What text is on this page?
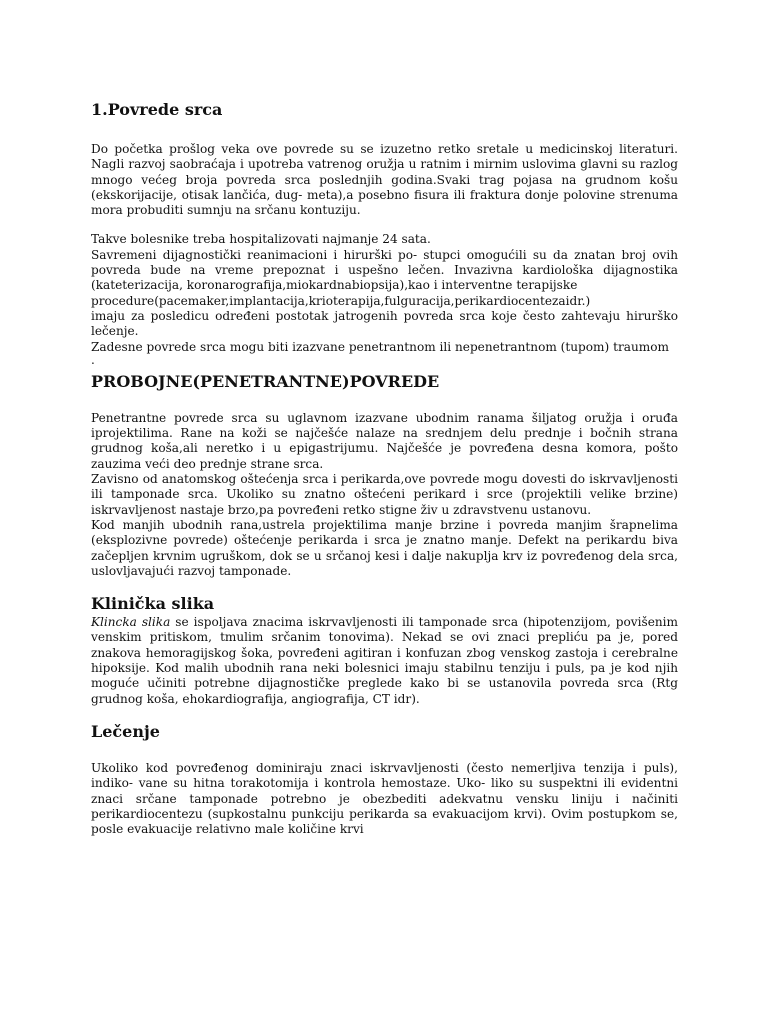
1.Povrede srca

Do početka prošlog veka ove povrede su se izuzetno retko sretale u medicinskoj literaturi. Nagli razvoj saobraćaja i upotreba vatrenog oružja u ratnim i mirnim uslovima glavni su razlog mnogo većeg broja povreda srca poslednjih godina.Svaki trag pojasa na grudnom košu (ekskorijacije, otisak lančića, dug- meta),a posebno fisura ili fraktura donje polovine strenuma mora probuditi sumnju na srčanu kontuziju.

Takve bolesnike treba hospitalizovati najmanje 24 sata.

Savremeni dijagnostički reanimacioni i hirurški po- stupci omogućili su da znatan broj ovih povreda bude na vreme prepoznat i uspešno lečen. Invazivna kardiološka dijagnostika (kateterizacija, koronarografija,miokardnabiopsija),kao i interventne terapijske

procedure(pacemaker,implantacija,krioterapija,fulguracija,perikardiocentezaidr.)

imaju za posledicu određeni postotak jatrogenih povreda srca koje često zahtevaju hirurško lečenje.

Zadesne povrede srca mogu biti izazvane penetrantnom ili nepenetrantnom (tupom) traumom

.
PROBOJNE(PENETRANTNE)POVREDE

Penetrantne povrede srca su uglavnom izazvane ubodnim ranama šiljatog oružja i oruđa iprojektilima. Rane na koži se najčešće nalaze na srednjem delu prednje i bočnih strana grudnog koša,ali neretko i u epigastrijumu. Najčešće je povređena desna komora, pošto zauzima veći deo prednje strane srca.

Zavisno od anatomskog oštećenja srca i perikarda,ove povrede mogu dovesti do iskrvavljenosti ili tamponade srca. Ukoliko su znatno oštećeni perikard i srce (projektili velike brzine) iskrvavljenost nastaje brzo,pa povređeni retko stigne živ u zdravstvenu ustanovu.

Kod manjih ubodnih rana,ustrela projektilima manje brzine i povreda manjim šrapnelima (eksplozivne povrede) oštećenje perikarda i srca je znatno manje. Defekt na perikardu biva začepljen krvnim ugruškom, dok se u srčanoj kesi i dalje nakuplja krv iz povređenog dela srca, uslovljavajući razvoj tamponade.

Klinička slika

Klincka slika se ispoljava znacima iskrvavljenosti ili tamponade srca (hipotenzijom, povišenim venskim pritiskom, tmulim srčanim tonovima). Nekad se ovi znaci prepliću pa je, pored znakova hemoragijskog šoka, povređeni agitiran i konfuzan zbog venskog zastoja i cerebralne hipoksije. Kod malih ubodnih rana neki bolesnici imaju stabilnu tenziju i puls, pa je kod njih moguće učiniti potrebne dijagnostičke preglede kako bi se ustanovila povreda srca (Rtg grudnog koša, ehokardiografija, angiografija, CT idr).

Lečenje

Ukoliko kod povređenog dominiraju znaci iskrvavljenosti (često nemerljiva tenzija i puls), indiko- vane su hitna torakotomija i kontrola hemostaze. Uko- liko su suspektni ili evidentni znaci srčane tamponade potrebno je obezbediti adekvatnu vensku liniju i načiniti perikardiocentezu (supkostalnu punkciju perikarda sa evakuacijom krvi). Ovim postupkom se, posle evakuacije relativno male količine krvi
